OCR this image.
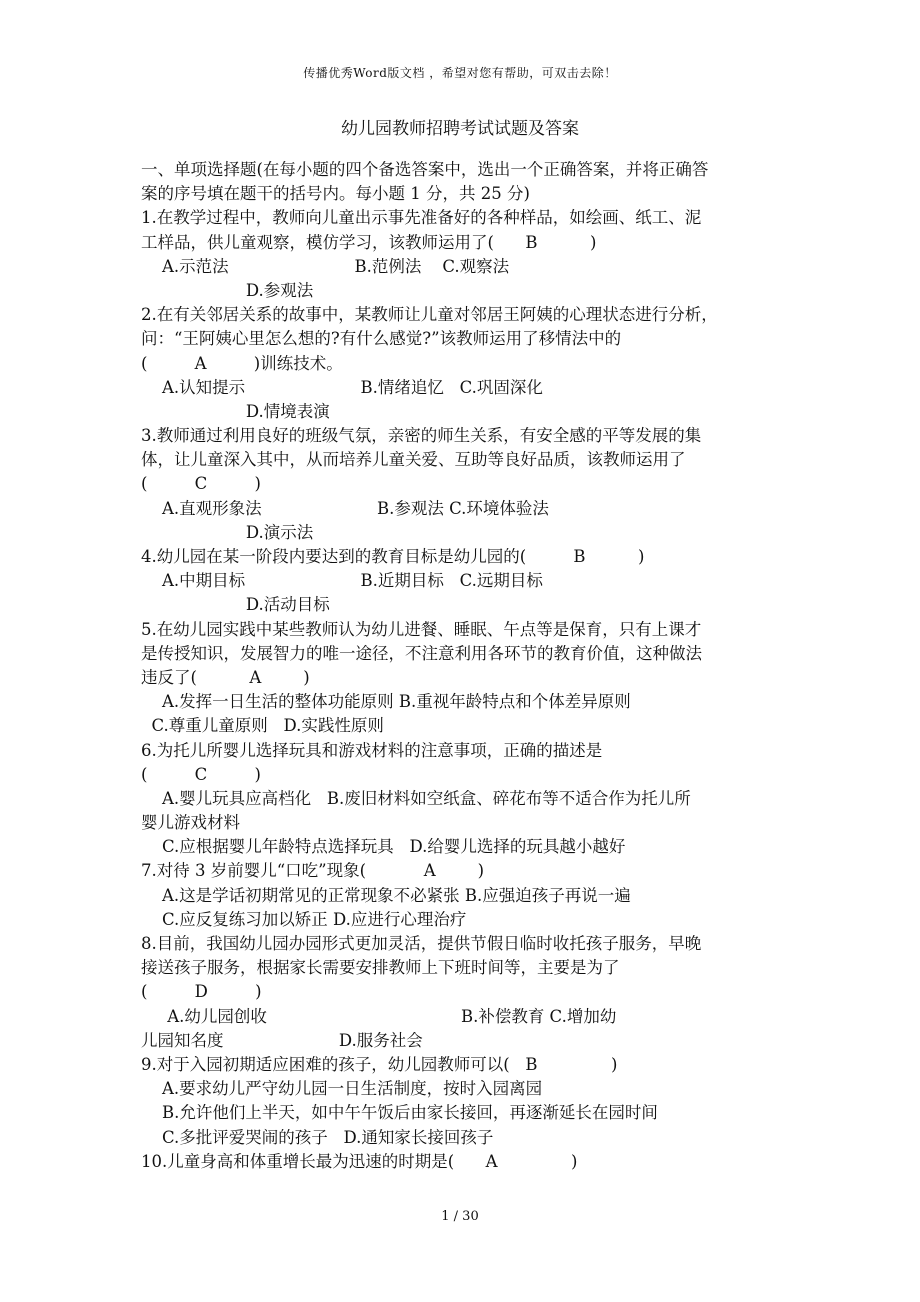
传播优秀Word版文档 ，希望对您有帮助，可双击去除！
幼儿园教师招聘考试试题及答案
一、单项选择题(在每小题的四个备选答案中，选出一个正确答案，并将正确答
案的序号填在题干的括号内。每小题 1 分，共 25 分)
1.在教学过程中，教师向儿童出示事先准备好的各种样品，如绘画、纸工、泥
工样品，供儿童观察，模仿学习，该教师运用了(      B          )
A.示范法                        B.范例法    C.观察法
D.参观法
2.在有关邻居关系的故事中，某教师让儿童对邻居王阿姨的心理状态进行分析，
问：“王阿姨心里怎么想的?有什么感觉?”该教师运用了移情法中的
(         A         )训练技术。
A.认知提示                      B.情绪追忆   C.巩固深化
D.情境表演
3.教师通过利用良好的班级气氛，亲密的师生关系，有安全感的平等发展的集
体，让儿童深入其中，从而培养儿童关爱、互助等良好品质，该教师运用了
(         C         )
A.直观形象法                      B.参观法 C.环境体验法
D.演示法
4.幼儿园在某一阶段内要达到的教育目标是幼儿园的(         B          )
A.中期目标                      B.近期目标   C.远期目标
D.活动目标
5.在幼儿园实践中某些教师认为幼儿进餐、睡眠、午点等是保育，只有上课才
是传授知识，发展智力的唯一途径，不注意利用各环节的教育价值，这种做法
违反了(          A        )
A.发挥一日生活的整体功能原则 B.重视年龄特点和个体差异原则
C.尊重儿童原则   D.实践性原则
6.为托儿所婴儿选择玩具和游戏材料的注意事项，正确的描述是
(         C         )
A.婴儿玩具应高档化   B.废旧材料如空纸盒、碎花布等不适合作为托儿所
婴儿游戏材料
C.应根据婴儿年龄特点选择玩具   D.给婴儿选择的玩具越小越好
7.对待 3 岁前婴儿“口吃”现象(           A        )
A.这是学话初期常见的正常现象不必紧张 B.应强迫孩子再说一遍
C.应反复练习加以矫正 D.应进行心理治疗
8.目前，我国幼儿园办园形式更加灵活，提供节假日临时收托孩子服务，早晚
接送孩子服务，根据家长需要安排教师上下班时间等，主要是为了
(         D         )
A.幼儿园创收                                     B.补偿教育 C.增加幼
儿园知名度                      D.服务社会
9.对于入园初期适应困难的孩子，幼儿园教师可以(   B              )
A.要求幼儿严守幼儿园一日生活制度，按时入园离园
B.允许他们上半天，如中午午饭后由家长接回，再逐渐延长在园时间
C.多批评爱哭闹的孩子   D.通知家长接回孩子
10.儿童身高和体重增长最为迅速的时期是(      A              )
1 / 30
